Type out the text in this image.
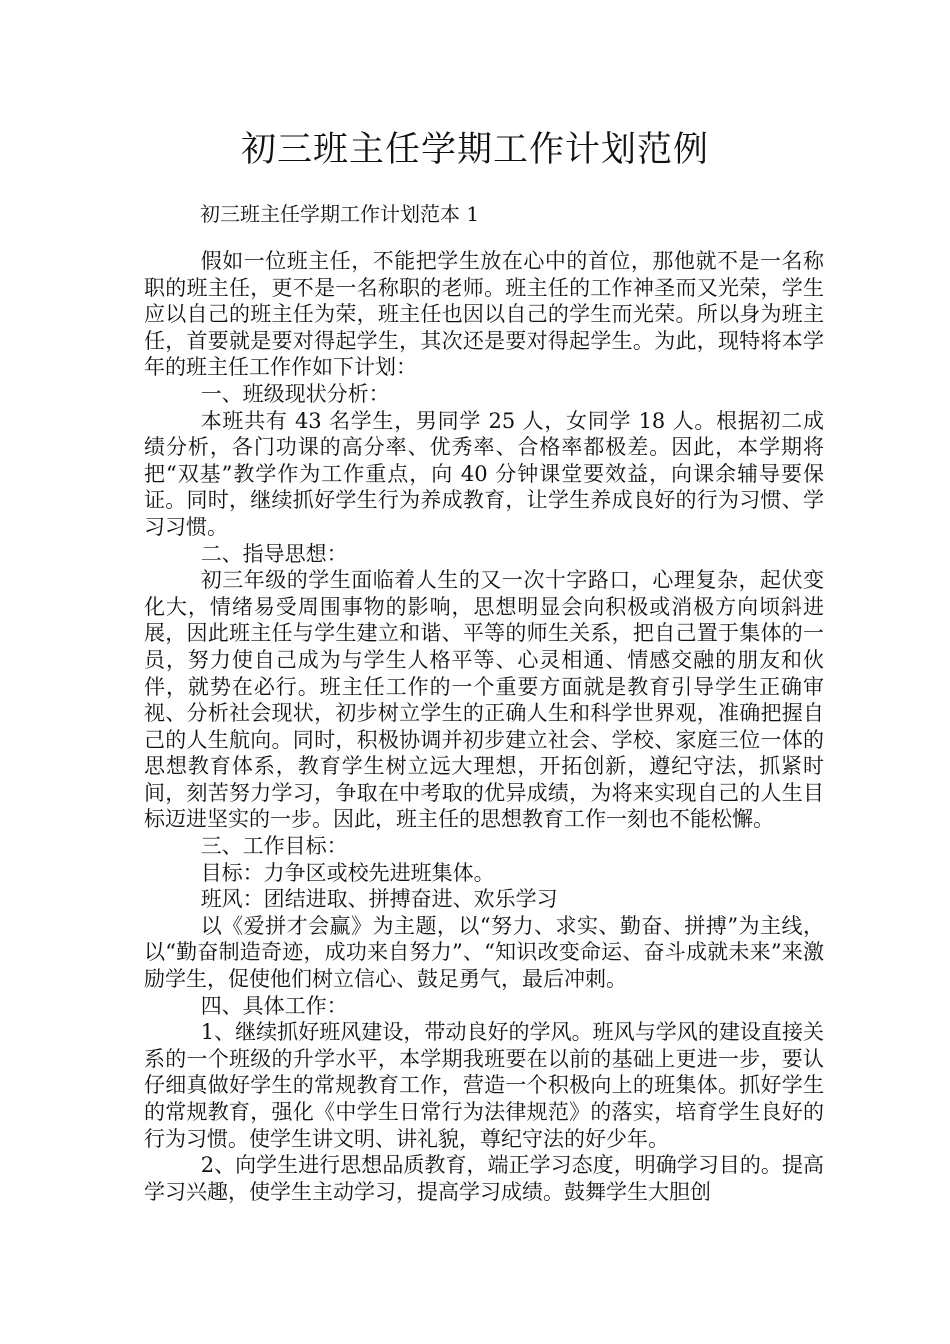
初三班主任学期工作计划范例

初三班主任学期工作计划范本 1

假如一位班主任，不能把学生放在心中的首位，那他就不是一名称职的班主任，更不是一名称职的老师。班主任的工作神圣而又光荣，学生应以自己的班主任为荣，班主任也因以自己的学生而光荣。所以身为班主任，首要就是要对得起学生，其次还是要对得起学生。为此，现特将本学年的班主任工作作如下计划：

一、班级现状分析：

本班共有 43 名学生，男同学 25 人，女同学 18 人。根据初二成绩分析，各门功课的高分率、优秀率、合格率都极差。因此，本学期将把“双基”教学作为工作重点，向 40 分钟课堂要效益，向课余辅导要保证。同时，继续抓好学生行为养成教育，让学生养成良好的行为习惯、学习习惯。

二、指导思想：

初三年级的学生面临着人生的又一次十字路口，心理复杂，起伏变化大，情绪易受周围事物的影响，思想明显会向积极或消极方向顷斜进展，因此班主任与学生建立和谐、平等的师生关系，把自己置于集体的一员，努力使自己成为与学生人格平等、心灵相通、情感交融的朋友和伙伴，就势在必行。班主任工作的一个重要方面就是教育引导学生正确审视、分析社会现状，初步树立学生的正确人生和科学世界观，准确把握自己的人生航向。同时，积极协调并初步建立社会、学校、家庭三位一体的思想教育体系，教育学生树立远大理想，开拓创新，遵纪守法，抓紧时间，刻苦努力学习，争取在中考取的优异成绩，为将来实现自己的人生目标迈进坚实的一步。因此，班主任的思想教育工作一刻也不能松懈。

三、工作目标：

目标：力争区或校先进班集体。

班风：团结进取、拼搏奋进、欢乐学习

以《爱拼才会赢》为主题，以“努力、求实、勤奋、拼搏”为主线，以“勤奋制造奇迹，成功来自努力”、“知识改变命运、奋斗成就未来”来激励学生，促使他们树立信心、鼓足勇气，最后冲刺。

四、具体工作：

1、继续抓好班风建设，带动良好的学风。班风与学风的建设直接关系的一个班级的升学水平，本学期我班要在以前的基础上更进一步，要认仔细真做好学生的常规教育工作，营造一个积极向上的班集体。抓好学生的常规教育，强化《中学生日常行为法律规范》的落实，培育学生良好的行为习惯。使学生讲文明、讲礼貌，尊纪守法的好少年。

2、向学生进行思想品质教育，端正学习态度，明确学习目的。提高学习兴趣，使学生主动学习，提高学习成绩。鼓舞学生大胆创
